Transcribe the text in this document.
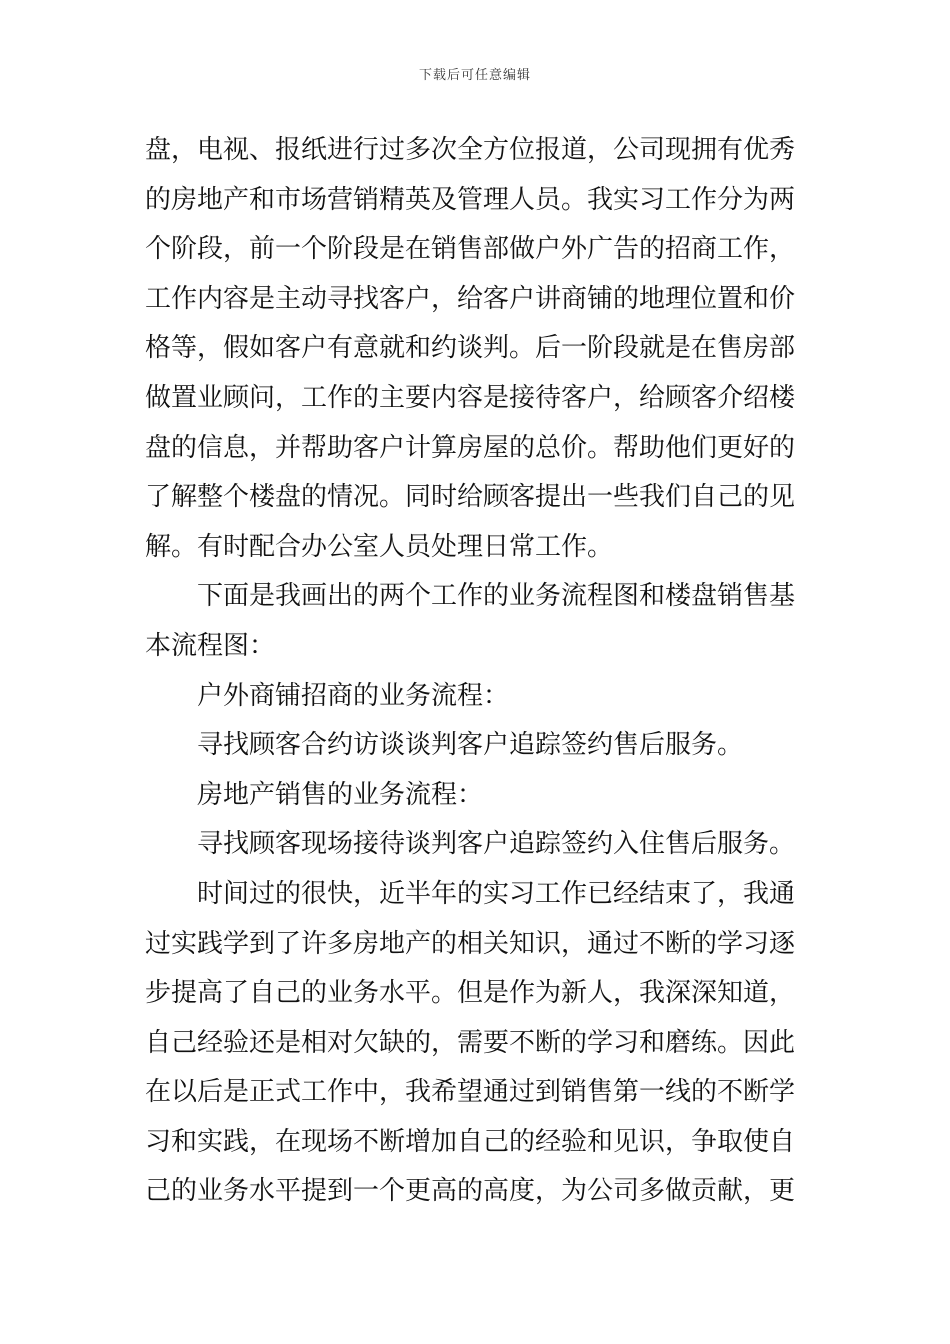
下载后可任意编辑
盘，电视、报纸进行过多次全方位报道，公司现拥有优秀
的房地产和市场营销精英及管理人员。我实习工作分为两
个阶段，前一个阶段是在销售部做户外广告的招商工作，
工作内容是主动寻找客户，给客户讲商铺的地理位置和价
格等，假如客户有意就和约谈判。后一阶段就是在售房部
做置业顾问，工作的主要内容是接待客户，给顾客介绍楼
盘的信息，并帮助客户计算房屋的总价。帮助他们更好的
了解整个楼盘的情况。同时给顾客提出一些我们自己的见
解。有时配合办公室人员处理日常工作。
下面是我画出的两个工作的业务流程图和楼盘销售基
本流程图：
户外商铺招商的业务流程：
寻找顾客合约访谈谈判客户追踪签约售后服务。
房地产销售的业务流程：
寻找顾客现场接待谈判客户追踪签约入住售后服务。
时间过的很快，近半年的实习工作已经结束了，我通
过实践学到了许多房地产的相关知识，通过不断的学习逐
步提高了自己的业务水平。但是作为新人，我深深知道，
自己经验还是相对欠缺的，需要不断的学习和磨练。因此
在以后是正式工作中，我希望通过到销售第一线的不断学
习和实践，在现场不断增加自己的经验和见识，争取使自
己的业务水平提到一个更高的高度，为公司多做贡献，更
